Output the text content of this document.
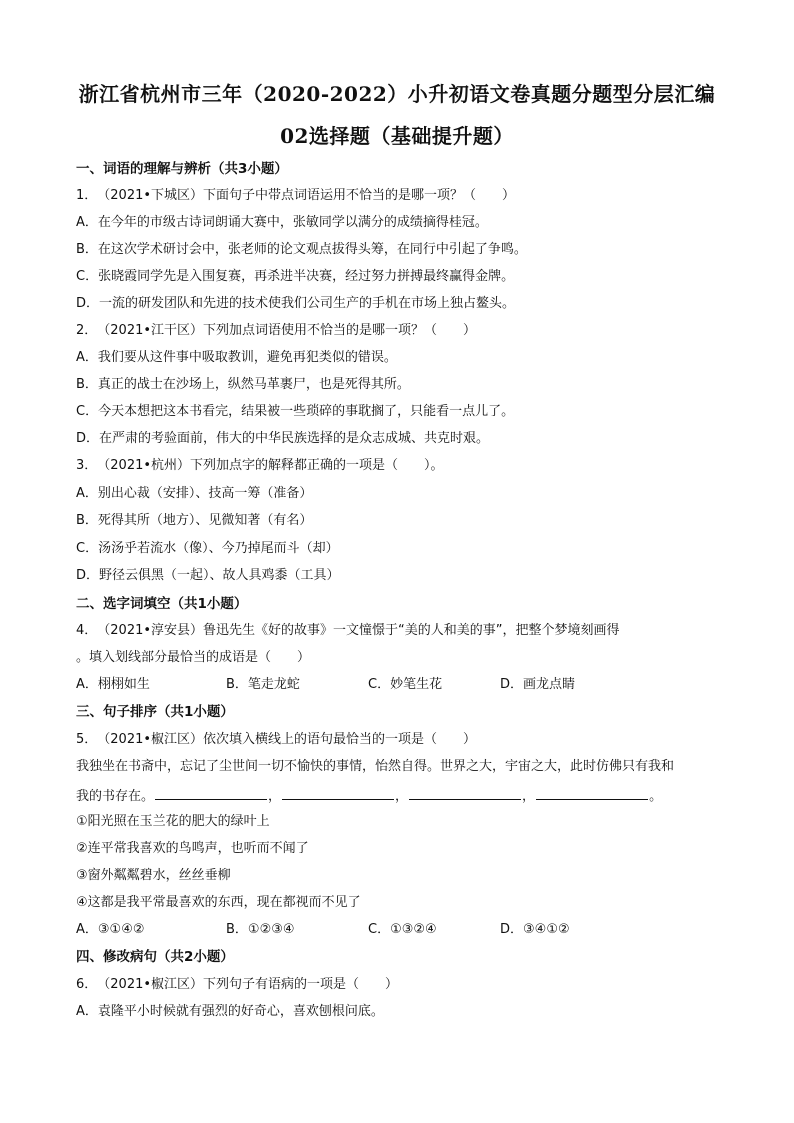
浙江省杭州市三年（2020-2022）小升初语文卷真题分题型分层汇编
02选择题（基础提升题）
一、词语的理解与辨析（共3小题）
1．　（2021•下城区）下面句子中带点词语运用不恰当的是哪一项？（　　）
A．在今年的市级古诗词朗诵大赛中，张敏同学以满分的成绩摘得桂冠。
B．在这次学术研讨会中，张老师的论文观点拔得头筹，在同行中引起了争鸣。
C．张晓霞同学先是入围复赛，再杀进半决赛，经过努力拼搏最终赢得金牌。
D．一流的研发团队和先进的技术使我们公司生产的手机在市场上独占鳌头。
2．　（2021•江干区）下列加点词语使用不恰当的是哪一项？（　　）
A．我们要从这件事中吸取教训，避免再犯类似的错误。
B．真正的战士在沙场上，纵然马革裹尸，也是死得其所。
C．今天本想把这本书看完，结果被一些琐碎的事耽搁了，只能看一点儿了。
D．在严肃的考验面前，伟大的中华民族选择的是众志成城、共克时艰。
3．　（2021•杭州）下列加点字的解释都正确的一项是（　　）。
A．别出心裁（安排）、技高一筹（准备）
B．死得其所（地方）、见微知著（有名）
C．汤汤乎若流水（像）、今乃掉尾而斗（却）
D．野径云俱黑（一起）、故人具鸡黍（工具）
二、选字词填空（共1小题）
4．　（2021•淳安县）鲁迅先生《好的故事》一文憧憬于“美的人和美的事”，把整个梦境刻画得
。填入划线部分最恰当的成语是（　　）
A．栩栩如生	B．笔走龙蛇	C．妙笔生花	D．画龙点睛
三、句子排序（共1小题）
5．　（2021•椒江区）依次填入横线上的语句最恰当的一项是（　　）
我独坐在书斋中，忘记了尘世间一切不愉快的事情，怡然自得。世界之大，宇宙之大，此时仿佛只有我和
我的书存在。	，	，	，	。
①阳光照在玉兰花的肥大的绿叶上
②连平常我喜欢的鸟鸣声，也听而不闻了
③窗外粼粼碧水，丝丝垂柳
④这都是我平常最喜欢的东西，现在都视而不见了
A．③①④②	B．①②③④	C．①③②④	D．③④①②
四、修改病句（共2小题）
6．　（2021•椒江区）下列句子有语病的一项是（　　）
A．袁隆平小时候就有强烈的好奇心，喜欢刨根问底。
